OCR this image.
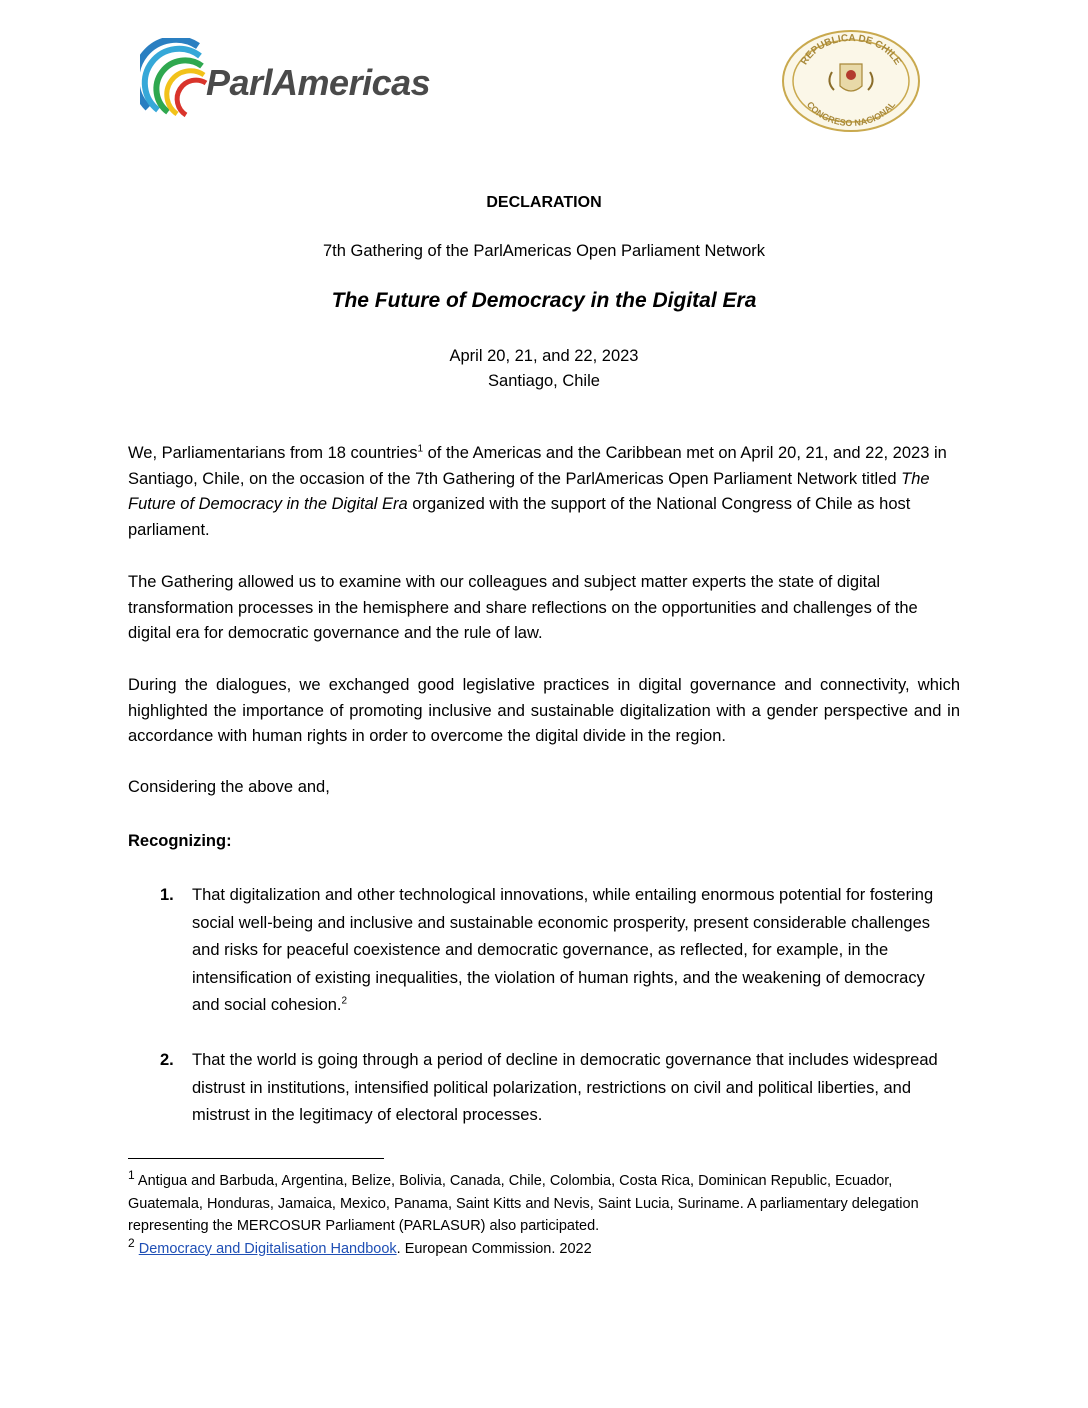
ParlAmericas
REPUBLICA DE CHILE
CONGRESO NACIONAL
DECLARATION
7th Gathering of the ParlAmericas Open Parliament Network
The Future of Democracy in the Digital Era
April 20, 21, and 22, 2023
Santiago, Chile

We, Parliamentarians from 18 countries$^1$ of the Americas and the Caribbean met on April 20, 21, and 22, 2023 in Santiago, Chile, on the occasion of the 7th Gathering of the ParlAmericas Open Parliament Network titled The Future of Democracy in the Digital Era organized with the support of the National Congress of Chile as host parliament.

The Gathering allowed us to examine with our colleagues and subject matter experts the state of digital transformation processes in the hemisphere and share reflections on the opportunities and challenges of the digital era for democratic governance and the rule of law.

During the dialogues, we exchanged good legislative practices in digital governance and connectivity, which highlighted the importance of promoting inclusive and sustainable digitalization with a gender perspective and in accordance with human rights in order to overcome the digital divide in the region.

Considering the above and,

Recognizing:

1. That digitalization and other technological innovations, while entailing enormous potential for fostering social well-being and inclusive and sustainable economic prosperity, present considerable challenges and risks for peaceful coexistence and democratic governance, as reflected, for example, in the intensification of existing inequalities, the violation of human rights, and the weakening of democracy and social cohesion.$^2$

2. That the world is going through a period of decline in democratic governance that includes widespread distrust in institutions, intensified political polarization, restrictions on civil and political liberties, and mistrust in the legitimacy of electoral processes.

$^1$ Antigua and Barbuda, Argentina, Belize, Bolivia, Canada, Chile, Colombia, Costa Rica, Dominican Republic, Ecuador, Guatemala, Honduras, Jamaica, Mexico, Panama, Saint Kitts and Nevis, Saint Lucia, Suriname. A parliamentary delegation representing the MERCOSUR Parliament (PARLASUR) also participated.

$^2$ Democracy and Digitalisation Handbook. European Commission. 2022
